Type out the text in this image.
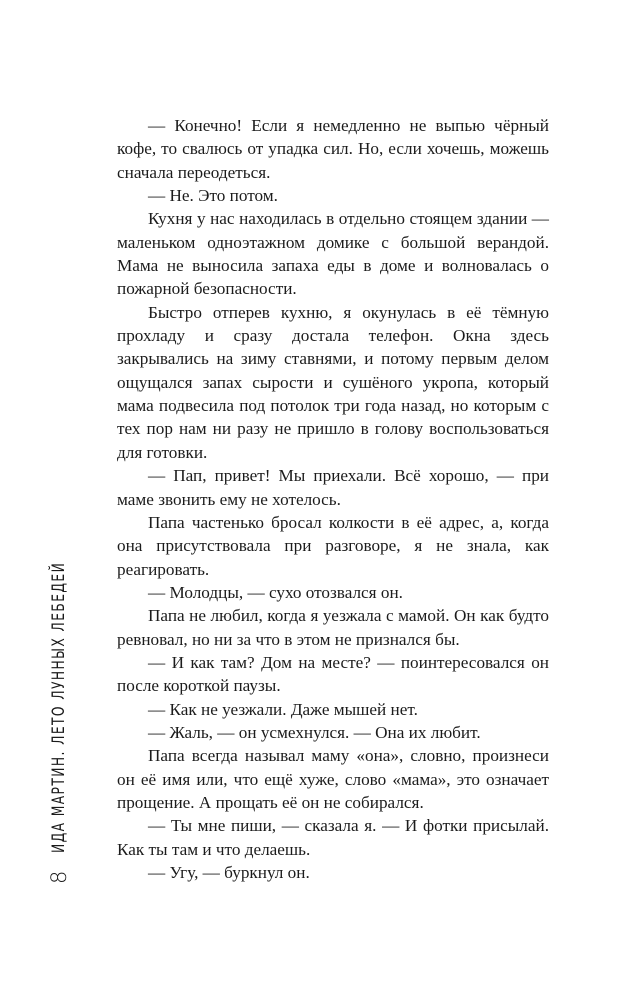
8
ИДА МАРТИН. ЛЕТО ЛУННЫХ ЛЕБЕДЕЙ

— Конечно! Если я немедленно не выпью чёрный кофе, то свалюсь от упадка сил. Но, если хочешь, можешь сначала переодеться.

— Не. Это потом.

Кухня у нас находилась в отдельно стоящем здании — маленьком одноэтажном домике с большой верандой. Мама не выносила запаха еды в доме и волновалась о пожарной безопасности.

Быстро отперев кухню, я окунулась в её тёмную прохладу и сразу достала телефон. Окна здесь закрывались на зиму ставнями, и потому первым делом ощущался запах сырости и сушёного укропа, который мама подвесила под потолок три года назад, но которым с тех пор нам ни разу не пришло в голову воспользоваться для готовки.

— Пап, привет! Мы приехали. Всё хорошо, — при маме звонить ему не хотелось.

Папа частенько бросал колкости в её адрес, а, когда она присутствовала при разговоре, я не знала, как реагировать.

— Молодцы, — сухо отозвался он.

Папа не любил, когда я уезжала с мамой. Он как будто ревновал, но ни за что в этом не признался бы.

— И как там? Дом на месте? — поинтересовался он после короткой паузы.

— Как не уезжали. Даже мышей нет.

— Жаль, — он усмехнулся. — Она их любит.

Папа всегда называл маму «она», словно, произнеси он её имя или, что ещё хуже, слово «мама», это означает прощение. А прощать её он не собирался.

— Ты мне пиши, — сказала я. — И фотки присылай. Как ты там и что делаешь.

— Угу, — буркнул он.
